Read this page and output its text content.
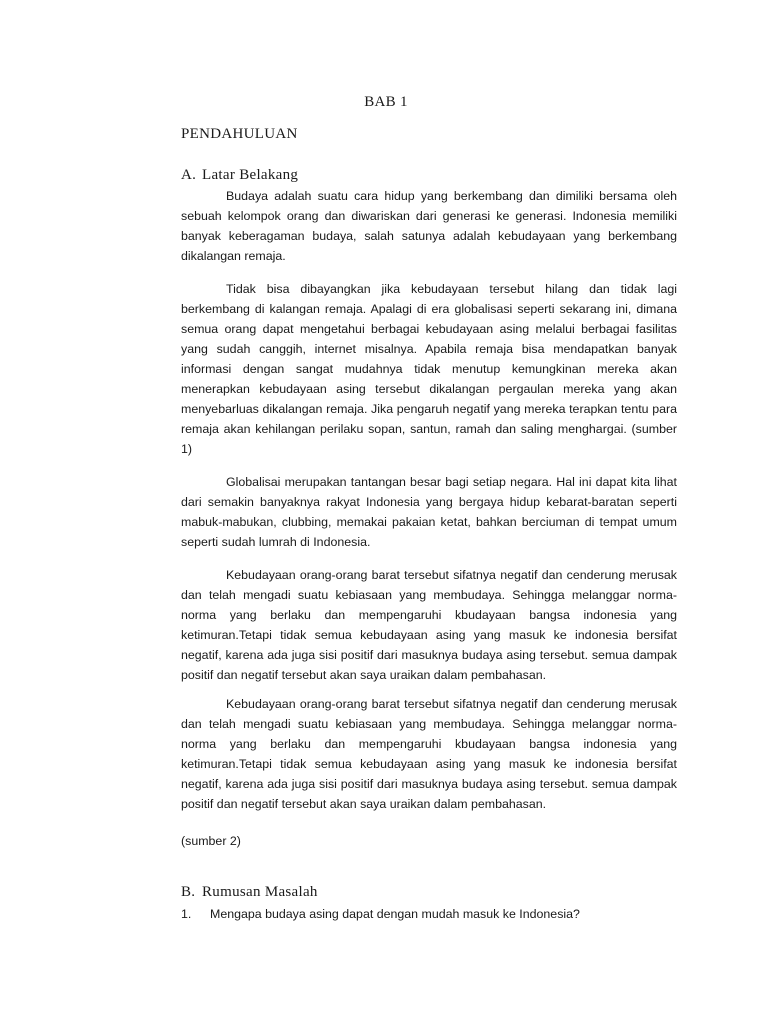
BAB 1
PENDAHULUAN
A. Latar Belakang

Budaya adalah suatu cara hidup yang berkembang dan dimiliki bersama oleh sebuah kelompok orang dan diwariskan dari generasi ke generasi. Indonesia memiliki banyak keberagaman budaya, salah satunya adalah kebudayaan yang berkembang dikalangan remaja.

Tidak bisa dibayangkan jika kebudayaan tersebut hilang dan tidak lagi berkembang di kalangan remaja. Apalagi di era globalisasi seperti sekarang ini, dimana semua orang dapat mengetahui berbagai kebudayaan asing melalui berbagai fasilitas yang sudah canggih, internet misalnya. Apabila remaja bisa mendapatkan banyak informasi dengan sangat mudahnya tidak menutup kemungkinan mereka akan menerapkan kebudayaan asing tersebut dikalangan pergaulan mereka yang akan menyebarluas dikalangan remaja. Jika pengaruh negatif yang mereka terapkan tentu para remaja akan kehilangan perilaku sopan, santun, ramah dan saling menghargai. (sumber 1)

Globalisai merupakan tantangan besar bagi setiap negara. Hal ini dapat kita lihat dari semakin banyaknya rakyat Indonesia yang bergaya hidup kebarat-baratan seperti mabuk-mabukan, clubbing, memakai pakaian ketat, bahkan berciuman di tempat umum seperti sudah lumrah di Indonesia.

Kebudayaan orang-orang barat tersebut sifatnya negatif dan cenderung merusak dan telah mengadi suatu kebiasaan yang membudaya. Sehingga melanggar norma-norma yang berlaku dan mempengaruhi kbudayaan bangsa indonesia yang ketimuran.Tetapi tidak semua kebudayaan asing yang masuk ke indonesia bersifat negatif, karena ada juga sisi positif dari masuknya budaya asing tersebut. semua dampak positif dan negatif tersebut akan saya uraikan dalam pembahasan.

Kebudayaan orang-orang barat tersebut sifatnya negatif dan cenderung merusak dan telah mengadi suatu kebiasaan yang membudaya. Sehingga melanggar norma-norma yang berlaku dan mempengaruhi kbudayaan bangsa indonesia yang ketimuran.Tetapi tidak semua kebudayaan asing yang masuk ke indonesia bersifat negatif, karena ada juga sisi positif dari masuknya budaya asing tersebut. semua dampak positif dan negatif tersebut akan saya uraikan dalam pembahasan.

(sumber 2)
B. Rumusan Masalah
1. Mengapa budaya asing dapat dengan mudah masuk ke Indonesia?
